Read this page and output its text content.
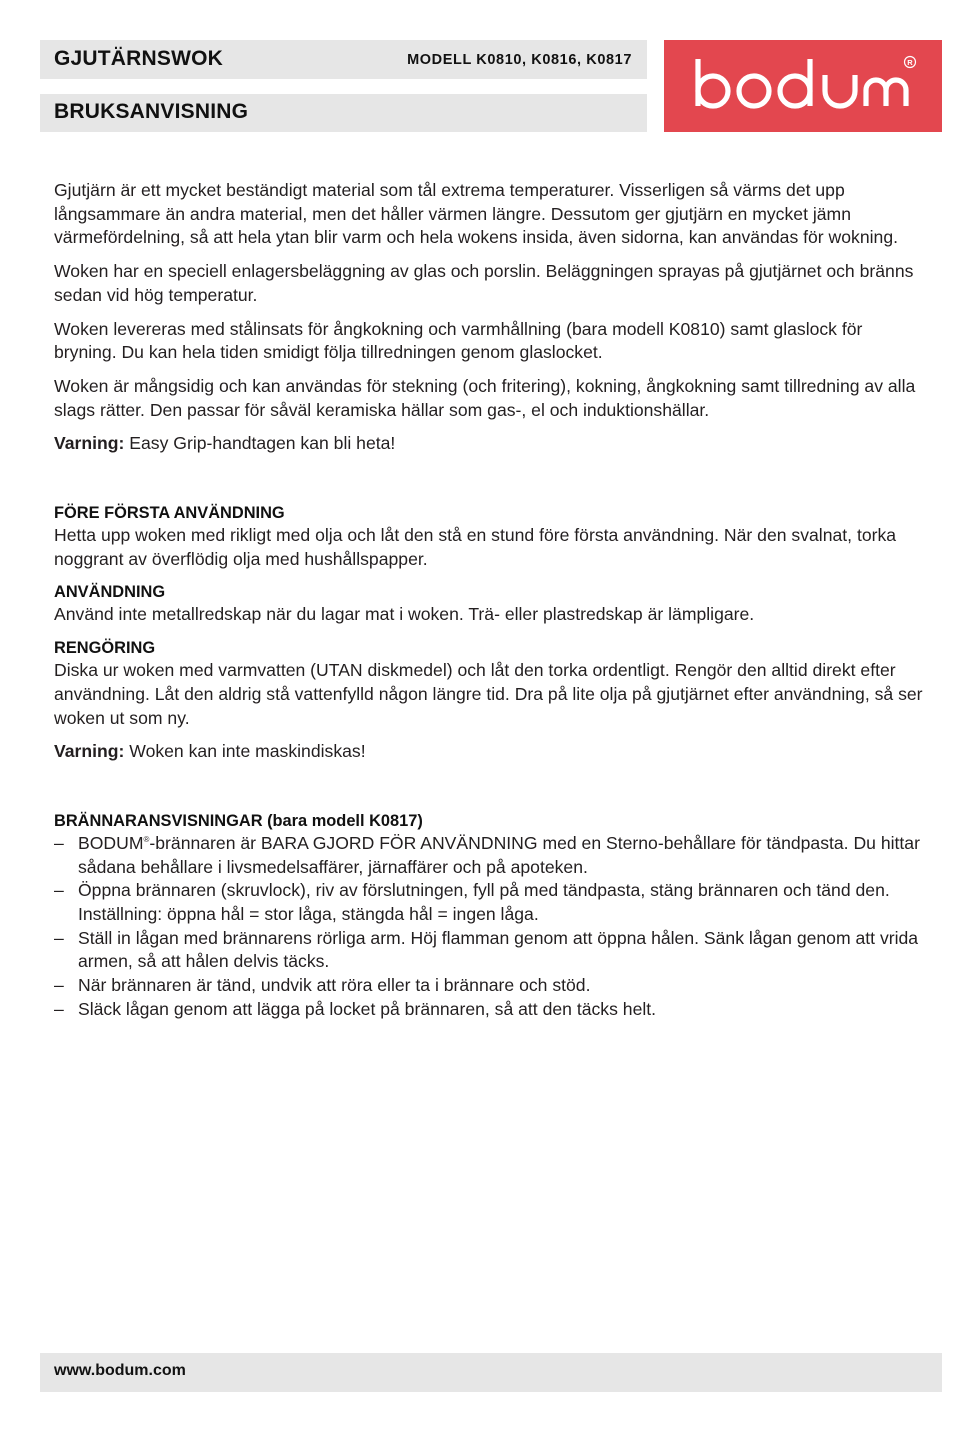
GJUTÄRNSWOK	MODELL K0810, K0816, K0817
BRUKSANVISNING
R

Gjutjärn är ett mycket beständigt material som tål extrema temperaturer. Visserligen så värms det upp långsammare än andra material, men det håller värmen längre. Dessutom ger gjutjärn en mycket jämn värmefördelning, så att hela ytan blir varm och hela wokens insida, även sidorna, kan användas för wokning.

Woken har en speciell enlagersbeläggning av glas och porslin. Beläggningen sprayas på gjutjärnet och bränns sedan vid hög temperatur.

Woken levereras med stålinsats för ångkokning och varmhållning (bara modell K0810) samt glaslock för bryning. Du kan hela tiden smidigt följa tillredningen genom glaslocket.

Woken är mångsidig och kan användas för stekning (och fritering), kokning, ångkokning samt tillredning av alla slags rätter. Den passar för såväl keramiska hällar som gas-, el och induktionshällar.

Varning: Easy Grip-handtagen kan bli heta!

FÖRE FÖRSTA ANVÄNDNING
Hetta upp woken med rikligt med olja och låt den stå en stund före första användning. När den svalnat, torka noggrant av överflödig olja med hushållspapper.
ANVÄNDNING
Använd inte metallredskap när du lagar mat i woken. Trä- eller plastredskap är lämpligare.
RENGÖRING
Diska ur woken med varmvatten (UTAN diskmedel) och låt den torka ordentligt. Rengör den alltid direkt efter användning. Låt den aldrig stå vattenfylld någon längre tid. Dra på lite olja på gjutjärnet efter användning, så ser woken ut som ny.

Varning: Woken kan inte maskindiskas!

BRÄNNARANSVISNINGAR (bara modell K0817)
– BODUM®-brännaren är BARA GJORD FÖR ANVÄNDNING med en Sterno-behållare för tändpasta. Du hittar sådana behållare i livsmedelsaffärer, järnaffärer och på apoteken.
– Öppna brännaren (skruvlock), riv av förslutningen, fyll på med tändpasta, stäng brännaren och tänd den.
Inställning: öppna hål = stor låga, stängda hål = ingen låga.
– Ställ in lågan med brännarens rörliga arm. Höj flamman genom att öppna hålen. Sänk lågan genom att vrida armen, så att hålen delvis täcks.
– När brännaren är tänd, undvik att röra eller ta i brännare och stöd.
– Släck lågan genom att lägga på locket på brännaren, så att den täcks helt.
www.bodum.com
